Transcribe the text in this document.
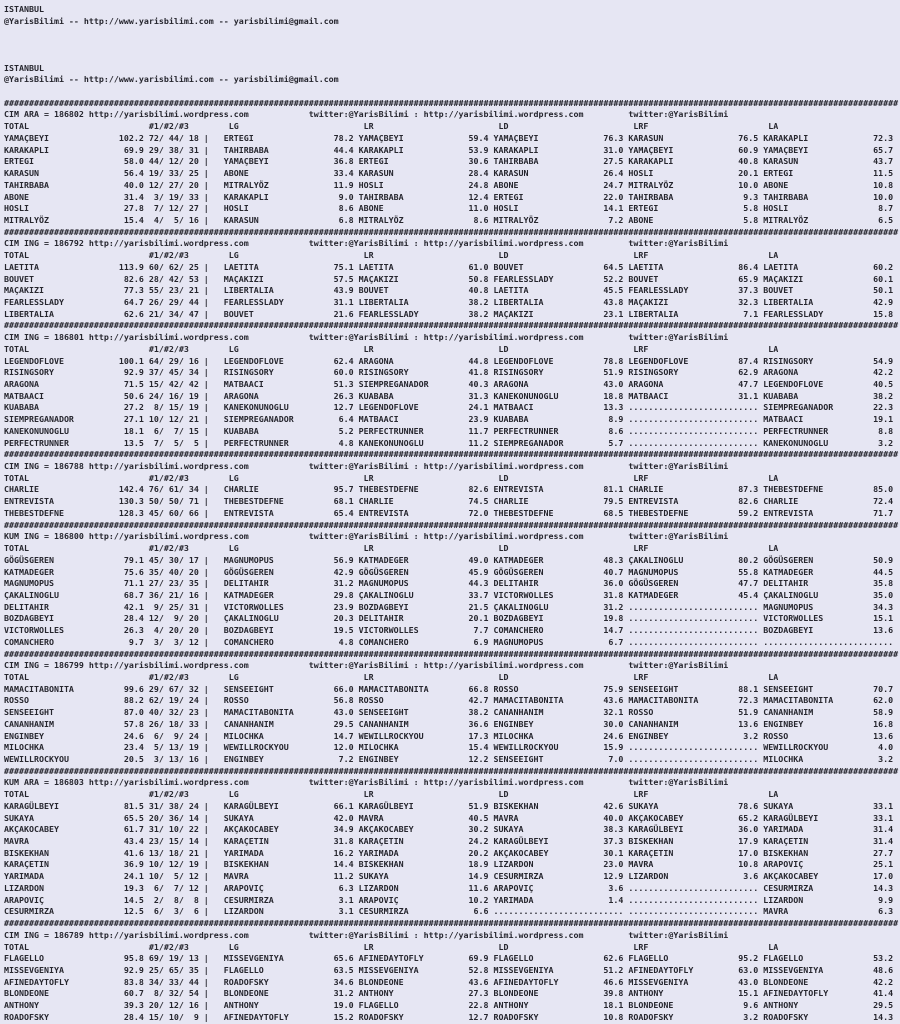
ISTANBUL
@YarisBilimi -- http://www.yarisbilimi.com -- yarisbilimi@gmail.com
ISTANBUL
@YarisBilimi -- http://www.yarisbilimi.com -- yarisbilimi@gmail.com
###################################################################################################################################################################################
CIM ARA = 186802 http://yarisbilimi.wordpress.com            twitter:@YarisBilimi : http://yarisbilimi.wordpress.com         twitter:@YarisBilimi
TOTAL                        #1/#2/#3        LG                         LR                         LD                         LRF                        LA
YAMAÇBEYI              102.2 72/ 44/ 18 |   ERTEGI                78.2 YAMAÇBEYI             59.4 YAMAÇBEYI             76.3 KARASUN               76.5 KARAKAPLI             72.3
KARAKAPLI               69.9 29/ 38/ 31 |   TAHIRBABA             44.4 KARAKAPLI             53.9 KARAKAPLI             31.0 YAMAÇBEYI             60.9 YAMAÇBEYI             65.7
ERTEGI                  58.0 44/ 12/ 20 |   YAMAÇBEYI             36.8 ERTEGI                30.6 TAHIRBABA             27.5 KARAKAPLI             40.8 KARASUN               43.7
KARASUN                 56.4 19/ 33/ 25 |   ABONE                 33.4 KARASUN               28.4 KARASUN               26.4 HOSLI                 20.1 ERTEGI                11.5
TAHIRBABA               40.0 12/ 27/ 20 |   MITRALYÖZ             11.9 HOSLI                 24.8 ABONE                 24.7 MITRALYÖZ             10.0 ABONE                 10.8
ABONE                   31.4  3/ 19/ 33 |   KARAKAPLI              9.0 TAHIRBABA             12.4 ERTEGI                22.0 TAHIRBABA              9.3 TAHIRBABA             10.0
HOSLI                   27.8  7/ 12/ 27 |   HOSLI                  8.6 ABONE                 11.0 HOSLI                 14.1 ERTEGI                 5.8 HOSLI                  8.7
MITRALYÖZ               15.4  4/  5/ 16 |   KARASUN                6.8 MITRALYÖZ              8.6 MITRALYÖZ              7.2 ABONE                  5.8 MITRALYÖZ              6.5
###################################################################################################################################################################################
CIM ING = 186792 http://yarisbilimi.wordpress.com            twitter:@YarisBilimi : http://yarisbilimi.wordpress.com         twitter:@YarisBilimi
TOTAL                        #1/#2/#3        LG                         LR                         LD                         LRF                        LA
LAETITA                113.9 60/ 62/ 25 |   LAETITA               75.1 LAETITA               61.0 BOUVET                64.5 LAETITA               86.4 LAETITA               60.2
BOUVET                  82.6 28/ 42/ 53 |   MAÇAKIZI              57.5 MAÇAKIZI              50.8 FEARLESSLADY          52.2 BOUVET                65.9 MAÇAKIZI              60.1
MAÇAKIZI                77.3 55/ 23/ 21 |   LIBERTALIA            43.9 BOUVET                40.8 LAETITA               45.5 FEARLESSLADY          37.3 BOUVET                50.1
FEARLESSLADY            64.7 26/ 29/ 44 |   FEARLESSLADY          31.1 LIBERTALIA            38.2 LIBERTALIA            43.8 MAÇAKIZI              32.3 LIBERTALIA            42.9
LIBERTALIA              62.6 21/ 34/ 47 |   BOUVET                21.6 FEARLESSLADY          38.2 MAÇAKIZI              23.1 LIBERTALIA             7.1 FEARLESSLADY          15.8
###################################################################################################################################################################################
CIM ING = 186801 http://yarisbilimi.wordpress.com            twitter:@YarisBilimi : http://yarisbilimi.wordpress.com         twitter:@YarisBilimi
TOTAL                        #1/#2/#3        LG                         LR                         LD                         LRF                        LA
LEGENDOFLOVE           100.1 64/ 29/ 16 |   LEGENDOFLOVE          62.4 ARAGONA               44.8 LEGENDOFLOVE          78.8 LEGENDOFLOVE          87.4 RISINGSORY            54.9
RISINGSORY              92.9 37/ 45/ 34 |   RISINGSORY            60.0 RISINGSORY            41.8 RISINGSORY            51.9 RISINGSORY            62.9 ARAGONA               42.2
ARAGONA                 71.5 15/ 42/ 42 |   MATBAACI              51.3 SIEMPREGANADOR        40.3 ARAGONA               43.0 ARAGONA               47.7 LEGENDOFLOVE          40.5
MATBAACI                50.6 24/ 16/ 19 |   ARAGONA               26.3 KUABABA               31.3 KANEKONUNOGLU         18.8 MATBAACI              31.1 KUABABA               38.2
KUABABA                 27.2  8/ 15/ 19 |   KANEKONUNOGLU         12.7 LEGENDOFLOVE          24.1 MATBAACI              13.3 .......................... SIEMPREGANADOR        22.3
SIEMPREGANADOR          27.1 10/ 12/ 21 |   SIEMPREGANADOR         6.4 MATBAACI              23.9 KUABABA                8.9 .......................... MATBAACI              19.1
KANEKONUNOGLU           18.1  6/  7/ 15 |   KUABABA                5.2 PERFECTRUNNER         11.7 PERFECTRUNNER          8.6 .......................... PERFECTRUNNER          8.8
PERFECTRUNNER           13.5  7/  5/  5 |   PERFECTRUNNER          4.8 KANEKONUNOGLU         11.2 SIEMPREGANADOR         5.7 .......................... KANEKONUNOGLU          3.2
###################################################################################################################################################################################
CIM ING = 186788 http://yarisbilimi.wordpress.com            twitter:@YarisBilimi : http://yarisbilimi.wordpress.com         twitter:@YarisBilimi
TOTAL                        #1/#2/#3        LG                         LR                         LD                         LRF                        LA
CHARLIE                142.4 76/ 61/ 34 |   CHARLIE               95.7 THEBESTDEFNE          82.6 ENTREVISTA            81.1 CHARLIE               87.3 THEBESTDEFNE          85.0
ENTREVISTA             130.3 50/ 50/ 71 |   THEBESTDEFNE          68.1 CHARLIE               74.5 CHARLIE               79.5 ENTREVISTA            82.6 CHARLIE               72.4
THEBESTDEFNE           128.3 45/ 60/ 66 |   ENTREVISTA            65.4 ENTREVISTA            72.0 THEBESTDEFNE          68.5 THEBESTDEFNE          59.2 ENTREVISTA            71.7
###################################################################################################################################################################################
KUM ING = 186800 http://yarisbilimi.wordpress.com            twitter:@YarisBilimi : http://yarisbilimi.wordpress.com         twitter:@YarisBilimi
TOTAL                        #1/#2/#3        LG                         LR                         LD                         LRF                        LA
GÖGÜSGEREN              79.1 45/ 30/ 17 |   MAGNUMOPUS            56.9 KATMADEGER            49.0 KATMADEGER            48.3 ÇAKALINOGLU           80.2 GÖGÜSGEREN            50.9
KATMADEGER              75.6 35/ 40/ 20 |   GÖGÜSGEREN            42.9 GÖGÜSGEREN            45.9 GÖGÜSGEREN            40.7 MAGNUMOPUS            55.8 KATMADEGER            44.5
MAGNUMOPUS              71.1 27/ 23/ 35 |   DELITAHIR             31.2 MAGNUMOPUS            44.3 DELITAHIR             36.0 GÖGÜSGEREN            47.7 DELITAHIR             35.8
ÇAKALINOGLU             68.7 36/ 21/ 16 |   KATMADEGER            29.8 ÇAKALINOGLU           33.7 VICTORWOLLES          31.8 KATMADEGER            45.4 ÇAKALINOGLU           35.0
DELITAHIR               42.1  9/ 25/ 31 |   VICTORWOLLES          23.9 BOZDAGBEYI            21.5 ÇAKALINOGLU           31.2 .......................... MAGNUMOPUS            34.3
BOZDAGBEYI              28.4 12/  9/ 20 |   ÇAKALINOGLU           20.3 DELITAHIR             20.1 BOZDAGBEYI            19.8 .......................... VICTORWOLLES          15.1
VICTORWOLLES            26.3  4/ 20/ 20 |   BOZDAGBEYI            19.5 VICTORWOLLES           7.7 COMANCHERO            14.7 .......................... BOZDAGBEYI            13.6
COMANCHERO               9.7  3/  3/ 12 |   COMANCHERO             4.8 COMANCHERO             6.9 MAGNUMOPUS             6.7 .......................... ..........................
###################################################################################################################################################################################
CIM ING = 186799 http://yarisbilimi.wordpress.com            twitter:@YarisBilimi : http://yarisbilimi.wordpress.com         twitter:@YarisBilimi
TOTAL                        #1/#2/#3        LG                         LR                         LD                         LRF                        LA
MAMACITABONITA          99.6 29/ 67/ 32 |   SENSEEIGHT            66.0 MAMACITABONITA        66.8 ROSSO                 75.9 SENSEEIGHT            88.1 SENSEEIGHT            70.7
ROSSO                   88.2 62/ 19/ 24 |   ROSSO                 56.8 ROSSO                 42.7 MAMACITABONITA        43.6 MAMACITABONITA        72.3 MAMACITABONITA        62.0
SENSEEIGHT              87.0 40/ 32/ 23 |   MAMACITABONITA        43.0 SENSEEIGHT            38.2 CANANHANIM            32.1 ROSSO                 51.9 CANANHANIM            58.9
CANANHANIM              57.8 26/ 18/ 33 |   CANANHANIM            29.5 CANANHANIM            36.6 ENGINBEY              30.0 CANANHANIM            13.6 ENGINBEY              16.8
ENGINBEY                24.6  6/  9/ 24 |   MILOCHKA              14.7 WEWILLROCKYOU         17.3 MILOCHKA              24.6 ENGINBEY               3.2 ROSSO                 13.6
MILOCHKA                23.4  5/ 13/ 19 |   WEWILLROCKYOU         12.0 MILOCHKA              15.4 WEWILLROCKYOU         15.9 .......................... WEWILLROCKYOU          4.0
WEWILLROCKYOU           20.5  3/ 13/ 16 |   ENGINBEY               7.2 ENGINBEY              12.2 SENSEEIGHT             7.0 .......................... MILOCHKA               3.2
###################################################################################################################################################################################
KUM ARA = 186803 http://yarisbilimi.wordpress.com            twitter:@YarisBilimi : http://yarisbilimi.wordpress.com         twitter:@YarisBilimi
TOTAL                        #1/#2/#3        LG                         LR                         LD                         LRF                        LA
KARAGÜLBEYI             81.5 31/ 38/ 24 |   KARAGÜLBEYI           66.1 KARAGÜLBEYI           51.9 BISKEKHAN             42.6 SUKAYA                78.6 SUKAYA                33.1
SUKAYA                  65.5 20/ 36/ 14 |   SUKAYA                42.0 MAVRA                 40.5 MAVRA                 40.0 AKÇAKOCABEY           65.2 KARAGÜLBEYI           33.1
AKÇAKOCABEY             61.7 31/ 10/ 22 |   AKÇAKOCABEY           34.9 AKÇAKOCABEY           30.2 SUKAYA                38.3 KARAGÜLBEYI           36.0 YARIMADA              31.4
MAVRA                   43.4 23/ 15/ 14 |   KARAÇETIN             31.8 KARAÇETIN             24.2 KARAGÜLBEYI           37.3 BISKEKHAN             17.9 KARAÇETIN             31.4
BISKEKHAN               41.6 13/ 18/ 21 |   YARIMADA              16.2 YARIMADA              20.2 AKÇAKOCABEY           30.1 KARAÇETIN             17.0 BISKEKHAN             27.7
KARAÇETIN               36.9 10/ 12/ 19 |   BISKEKHAN             14.4 BISKEKHAN             18.9 LIZARDON              23.0 MAVRA                 10.8 ARAPOVIÇ              25.1
YARIMADA                24.1 10/  5/ 12 |   MAVRA                 11.2 SUKAYA                14.9 CESURMIRZA            12.9 LIZARDON               3.6 AKÇAKOCABEY           17.0
LIZARDON                19.3  6/  7/ 12 |   ARAPOVIÇ               6.3 LIZARDON              11.6 ARAPOVIÇ               3.6 .......................... CESURMIRZA            14.3
ARAPOVIÇ                14.5  2/  8/  8 |   CESURMIRZA             3.1 ARAPOVIÇ              10.2 YARIMADA               1.4 .......................... LIZARDON               9.9
CESURMIRZA              12.5  6/  3/  6 |   LIZARDON               3.1 CESURMIRZA             6.6 .......................... .......................... MAVRA                  6.3
###################################################################################################################################################################################
CIM ING = 186789 http://yarisbilimi.wordpress.com            twitter:@YarisBilimi : http://yarisbilimi.wordpress.com         twitter:@YarisBilimi
TOTAL                        #1/#2/#3        LG                         LR                         LD                         LRF                        LA
FLAGELLO                95.8 69/ 19/ 13 |   MISSEVGENIYA          65.6 AFINEDAYTOFLY         69.9 FLAGELLO              62.6 FLAGELLO              95.2 FLAGELLO              53.2
MISSEVGENIYA            92.9 25/ 65/ 35 |   FLAGELLO              63.5 MISSEVGENIYA          52.8 MISSEVGENIYA          51.2 AFINEDAYTOFLY         63.0 MISSEVGENIYA          48.6
AFINEDAYTOFLY           83.8 34/ 33/ 44 |   ROADOFSKY             34.6 BLONDEONE             43.6 AFINEDAYTOFLY         46.6 MISSEVGENIYA          43.0 BLONDEONE             42.2
BLONDEONE               60.7  8/ 32/ 54 |   BLONDEONE             31.2 ANTHONY               27.3 BLONDEONE             39.8 ANTHONY               15.1 AFINEDAYTOFLY         41.4
ANTHONY                 39.3 20/ 12/ 16 |   ANTHONY               19.0 FLAGELLO              22.8 ANTHONY               18.1 BLONDEONE              9.6 ANTHONY               29.5
ROADOFSKY               28.4 15/ 10/  9 |   AFINEDAYTOFLY         15.2 ROADOFSKY             12.7 ROADOFSKY             10.8 ROADOFSKY              3.2 ROADOFSKY             14.3
